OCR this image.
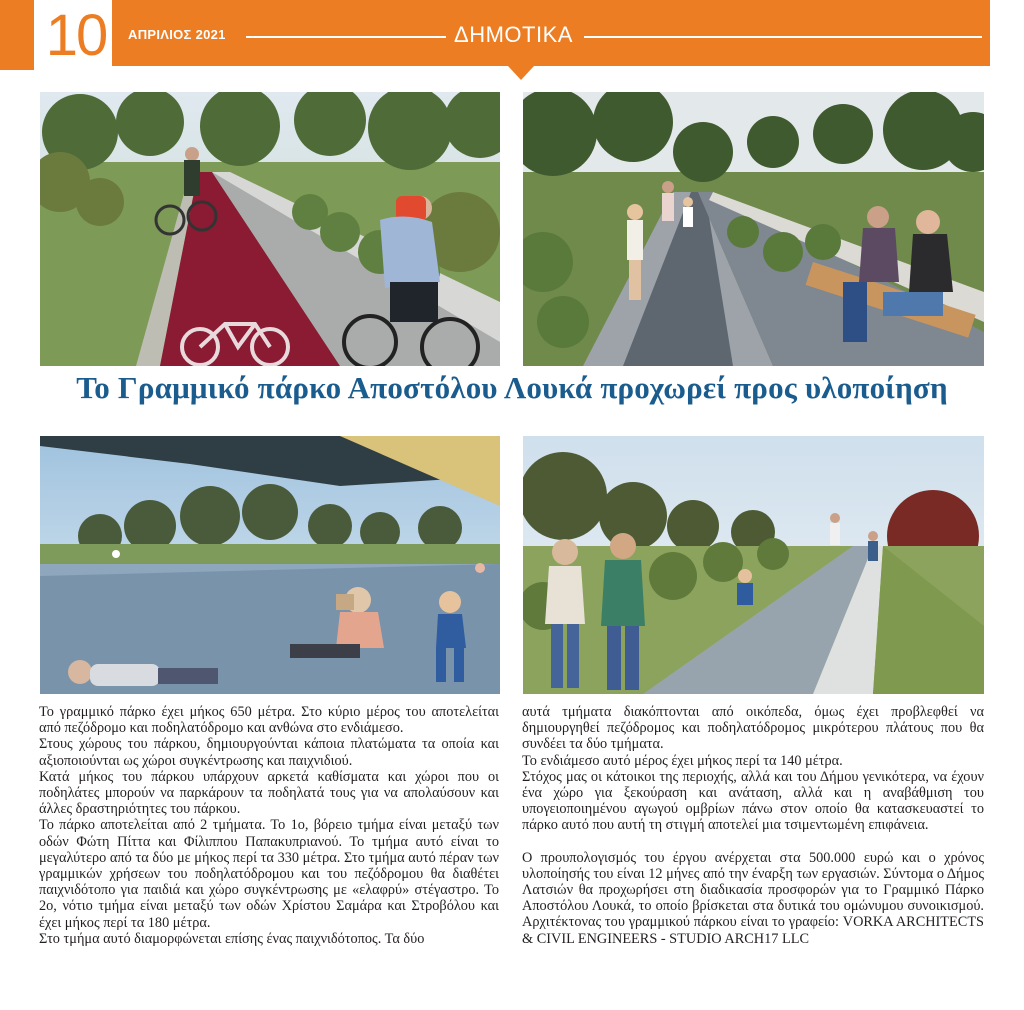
10	ΑΠΡΙΛΙΟΣ 2021	ΔΗΜΟΤΙΚΑ
Το Γραμμικό πάρκο Αποστόλου Λουκά προχωρεί προς υλοποίηση

Το γραμμικό πάρκο έχει μήκος 650 μέτρα. Στο κύριο μέρος του αποτελείται από πεζόδρομο και ποδηλατόδρομο και ανθώνα στο ενδιάμεσο.

Στους χώρους του πάρκου, δημιουργούνται κάποια πλατώματα τα οποία και αξιοποιούνται ως χώροι συγκέντρωσης και παιχνιδιού.

Κατά μήκος του πάρκου υπάρχουν αρκετά καθίσματα και χώροι που οι ποδηλάτες μπορούν να παρκάρουν τα ποδηλατά τους για να απολαύσουν και άλλες δραστηριότητες του πάρκου.

Το πάρκο αποτελείται από 2 τμήματα. Το 1ο, βόρειο τμήμα είναι μεταξύ των οδών Φώτη Πίττα και Φίλιππου Παπακυπριανού. Το τμήμα αυτό είναι το μεγαλύτερο από τα δύο με μήκος περί τα 330 μέτρα. Στο τμήμα αυτό πέραν των γραμμικών χρήσεων του ποδηλατόδρομου και του πεζόδρομου θα διαθέτει παιχνιδότοπο για παιδιά και χώρο συγκέντρωσης με «ελαφρύ» στέγαστρο. Το 2ο, νότιο τμήμα είναι μεταξύ των οδών Χρίστου Σαμάρα και Στροβόλου και έχει μήκος περί τα 180 μέτρα.

Στο τμήμα αυτό διαμορφώνεται επίσης ένας παιχνιδότοπος. Τα δύο

αυτά τμήματα διακόπτονται από οικόπεδα, όμως έχει προβλεφθεί να δημιουργηθεί πεζόδρομος και ποδηλατόδρομος μικρότερου πλάτους που θα συνδέει τα δύο τμήματα.

Το ενδιάμεσο αυτό μέρος έχει μήκος περί τα 140 μέτρα.

Στόχος μας οι κάτοικοι της περιοχής, αλλά και του Δήμου γενικότερα, να έχουν ένα χώρο για ξεκούραση και ανάταση, αλλά και η αναβάθμιση του υπογειοποιημένου αγωγού ομβρίων πάνω στον οποίο θα κατασκευαστεί το πάρκο αυτό που αυτή τη στιγμή αποτελεί μια τσιμεντωμένη επιφάνεια.

Ο προυπολογισμός του έργου ανέρχεται στα 500.000 ευρώ και ο χρόνος υλοποίησής του είναι 12 μήνες από την έναρξη των εργασιών. Σύντομα ο Δήμος Λατσιών θα προχωρήσει στη διαδικασία προσφορών για το Γραμμικό Πάρκο Αποστόλου Λουκά, το οποίο βρίσκεται στα δυτικά του ομώνυμου συνοικισμού. Αρχιτέκτονας του γραμμικού πάρκου είναι το γραφείο: VORKA ARCHITECTS & CIVIL ENGINEERS - STUDIO ARCH17 LLC
